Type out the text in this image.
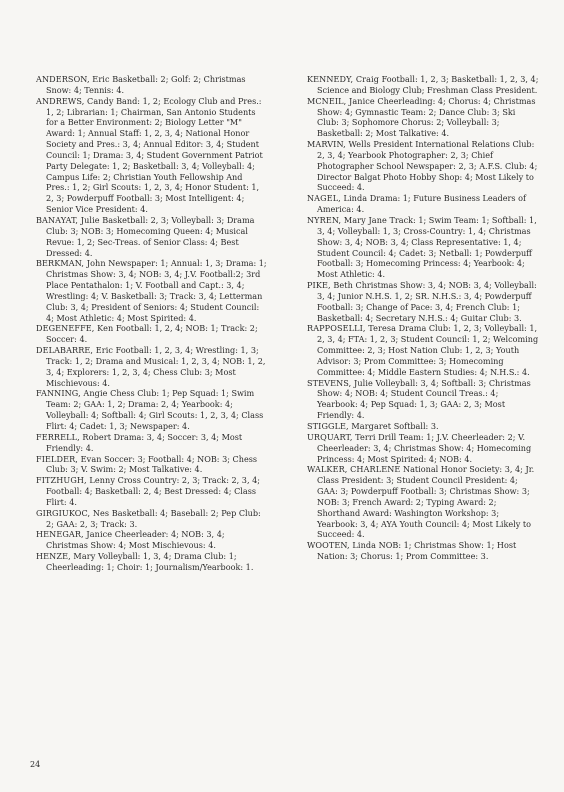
ANDERSON, Eric Basketball: 2; Golf: 2; Christmas Snow: 4; Tennis: 4.
ANDREWS, Candy Band: 1, 2; Ecology Club and Pres.: 1, 2; Librarian: 1; Chairman, San Antonio Students for a Better Environment: 2; Biology Letter "M" Award: 1; Annual Staff: 1, 2, 3, 4; National Honor Society and Pres.: 3, 4; Annual Editor: 3, 4; Student Council: 1; Drama: 3, 4; Student Government Patriot Party Delegate: 1, 2; Basketball: 3, 4; Volleyball: 4; Campus Life: 2; Christian Youth Fellowship And Pres.: 1, 2; Girl Scouts: 1, 2, 3, 4; Honor Student: 1, 2, 3; Powderpuff Football: 3; Most Intelligent: 4; Senior Vice President: 4.
BANAYAT, Julie Basketball: 2, 3; Volleyball: 3; Drama Club: 3; NOB: 3; Homecoming Queen: 4; Musical Revue: 1, 2; Sec-Treas. of Senior Class: 4; Best Dressed: 4.
BERKMAN, John Newspaper: 1; Annual: 1, 3; Drama: 1; Christmas Show: 3, 4; NOB: 3, 4; J.V. Football:2; 3rd Place Pentathalon: 1; V. Football and Capt.: 3, 4; Wrestling: 4; V. Basketball: 3; Track: 3, 4; Letterman Club: 3, 4; President of Seniors: 4; Student Council: 4; Most Athletic: 4; Most Spirited: 4.
DEGENEFFE, Ken Football: 1, 2, 4; NOB: 1; Track: 2; Soccer: 4.
DELABARRE, Eric Football: 1, 2, 3, 4; Wrestling: 1, 3; Track: 1, 2; Drama and Musical: 1, 2, 3, 4; NOB: 1, 2, 3, 4; Explorers: 1, 2, 3, 4; Chess Club: 3; Most Mischievous: 4.
FANNING, Angie Chess Club: 1; Pep Squad: 1; Swim Team: 2; GAA: 1, 2; Drama: 2, 4; Yearbook: 4; Volleyball: 4; Softball: 4; Girl Scouts: 1, 2, 3, 4; Class Flirt: 4; Cadet: 1, 3; Newspaper: 4.
FERRELL, Robert Drama: 3, 4; Soccer: 3, 4; Most Friendly: 4.
FIELDER, Evan Soccer: 3; Football: 4; NOB: 3; Chess Club: 3; V. Swim: 2; Most Talkative: 4.
FITZHUGH, Lenny Cross Country: 2, 3; Track: 2, 3, 4; Football: 4; Basketball: 2, 4; Best Dressed: 4; Class Flirt: 4.
GIRGIUKOC, Nes Basketball: 4; Baseball: 2; Pep Club: 2; GAA: 2, 3; Track: 3.
HENEGAR, Janice Cheerleader: 4; NOB: 3, 4; Christmas Show: 4; Most Mischievous: 4.
HENZE, Mary Volleyball: 1, 3, 4; Drama Club: 1; Cheerleading: 1; Choir: 1; Journalism/Yearbook: 1.
KENNEDY, Craig Football: 1, 2, 3; Basketball: 1, 2, 3, 4; Science and Biology Club; Freshman Class President.
MCNEIL, Janice Cheerleading: 4; Chorus: 4; Christmas Show: 4; Gymnastic Team: 2; Dance Club: 3; Ski Club: 3; Sophomore Chorus: 2; Volleyball: 3; Basketball: 2; Most Talkative: 4.
MARVIN, Wells President International Relations Club: 2, 3, 4; Yearbook Photographer: 2, 3; Chief Photographer School Newspaper: 2, 3; A.F.S. Club: 4; Director Balgat Photo Hobby Shop: 4; Most Likely to Succeed: 4.
NAGEL, Linda Drama: 1; Future Business Leaders of America: 4.
NYREN, Mary Jane Track: 1; Swim Team: 1; Softball: 1, 3, 4; Volleyball: 1, 3; Cross-Country: 1, 4; Christmas Show: 3, 4; NOB: 3, 4; Class Representative: 1, 4; Student Council: 4; Cadet: 3; Netball: 1; Powderpuff Football: 3; Homecoming Princess: 4; Yearbook: 4; Most Athletic: 4.
PIKE, Beth Christmas Show: 3, 4; NOB: 3, 4; Volleyball: 3, 4; Junior N.H.S. 1, 2; SR. N.H.S.: 3, 4; Powderpuff Football: 3; Change of Pace: 3, 4; French Club: 1; Basketball: 4; Secretary N.H.S.: 4; Guitar Club: 3.
RAPPOSELLI, Teresa Drama Club: 1, 2, 3; Volleyball: 1, 2, 3, 4; FTA: 1, 2, 3; Student Council: 1, 2; Welcoming Committee: 2, 3; Host Nation Club: 1, 2, 3; Youth Advisor: 3; Prom Committee: 3; Homecoming Committee: 4; Middle Eastern Studies: 4; N.H.S.: 4.
STEVENS, Julie Volleyball: 3, 4; Softball: 3; Christmas Show: 4; NOB: 4; Student Council Treas.: 4; Yearbook: 4; Pep Squad: 1, 3; GAA: 2, 3; Most Friendly: 4.
STIGGLE, Margaret Softball: 3.
URQUART, Terri Drill Team: 1; J.V. Cheerleader: 2; V. Cheerleader: 3, 4; Christmas Show: 4; Homecoming Princess: 4; Most Spirited: 4; NOB: 4.
WALKER, CHARLENE National Honor Society: 3, 4; Jr. Class President: 3; Student Council President: 4; GAA: 3; Powderpuff Football: 3; Christmas Show: 3; NOB: 3; French Award: 2; Typing Award: 2; Shorthand Award: Washington Workshop: 3; Yearbook: 3, 4; AYA Youth Council: 4; Most Likely to Succeed: 4.
WOOTEN, Linda NOB: 1; Christmas Show: 1; Host Nation: 3; Chorus: 1; Prom Committee: 3.
24
